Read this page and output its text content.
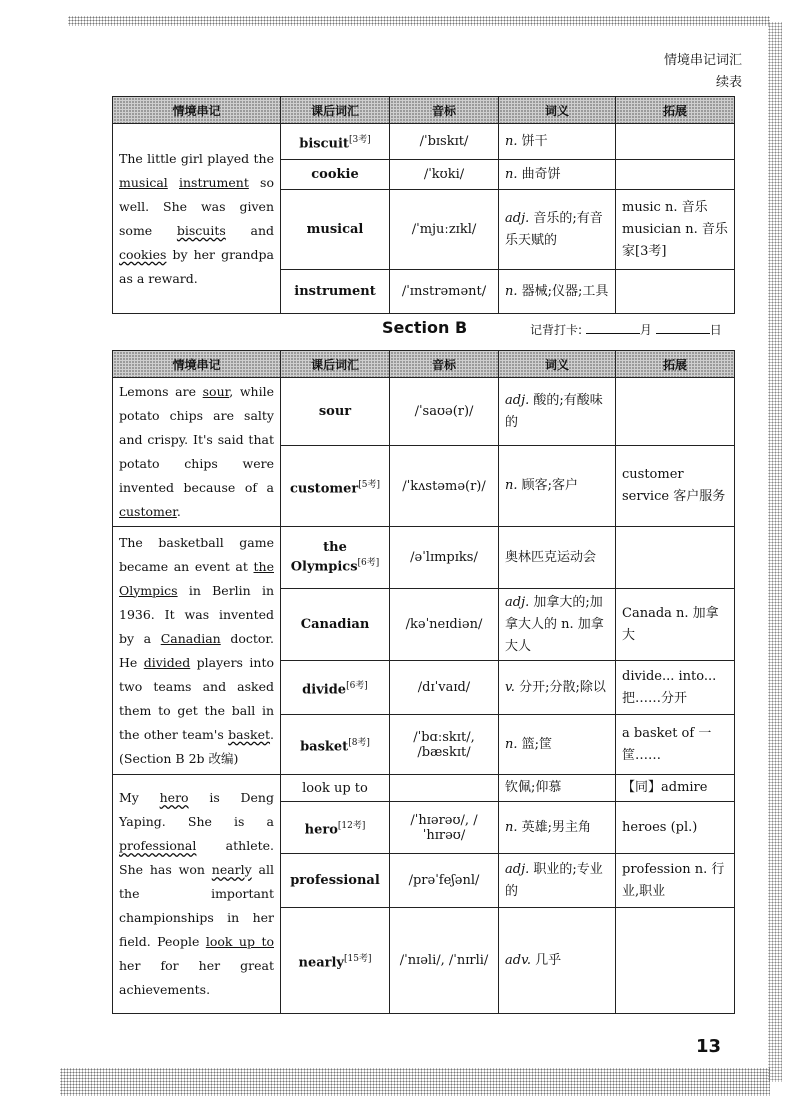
情境串记词汇
续表
情境串记	课后词汇	音标	词义	拓展
The little girl played the musical instrument so well. She was given some biscuits and cookies by her grandpa as a reward.	biscuit[3考]	/ˈbɪskɪt/	n. 饼干	
	cookie	/ˈkʊki/	n. 曲奇饼	
	musical	/ˈmjuːzɪkl/	adj. 音乐的;有音乐天赋的	music n. 音乐 musician n. 音乐家[3考]
	instrument	/ˈɪnstrəmənt/	n. 器械;仪器;工具	
Section B	记背打卡:	月	日
情境串记	课后词汇	音标	词义	拓展
Lemons are sour, while potato chips are salty and crispy. It's said that potato chips were invented because of a customer.	sour	/ˈsaʊə(r)/	adj. 酸的;有酸味的	
	customer[5考]	/ˈkʌstəmə(r)/	n. 顾客;客户	customer service 客户服务
The basketball game became an event at the Olympics in Berlin in 1936. It was invented by a Canadian doctor. He divided players into two teams and asked them to get the ball in the other team's basket. (Section B 2b 改编)	the Olympics[6考]	/əˈlɪmpɪks/	奥林匹克运动会	
	Canadian	/kəˈneɪdiən/	adj. 加拿大的;加拿大人的 n. 加拿大人	Canada n. 加拿大
	divide[6考]	/dɪˈvaɪd/	v. 分开;分散;除以	divide... into... 把……分开
	basket[8考]	/ˈbɑːskɪt/, /bæskɪt/	n. 篮;筐	a basket of 一筐……
My hero is Deng Yaping. She is a professional athlete. She has won nearly all the important championships in her field. People look up to her for her great achievements.	look up to		钦佩;仰慕	【同】admire
	hero[12考]	/ˈhɪərəʊ/, /ˈhɪrəʊ/	n. 英雄;男主角	heroes (pl.)
	professional	/prəˈfeʃənl/	adj. 职业的;专业的	profession n. 行业,职业
	nearly[15考]	/ˈnɪəli/, /ˈnɪrli/	adv. 几乎	
13
